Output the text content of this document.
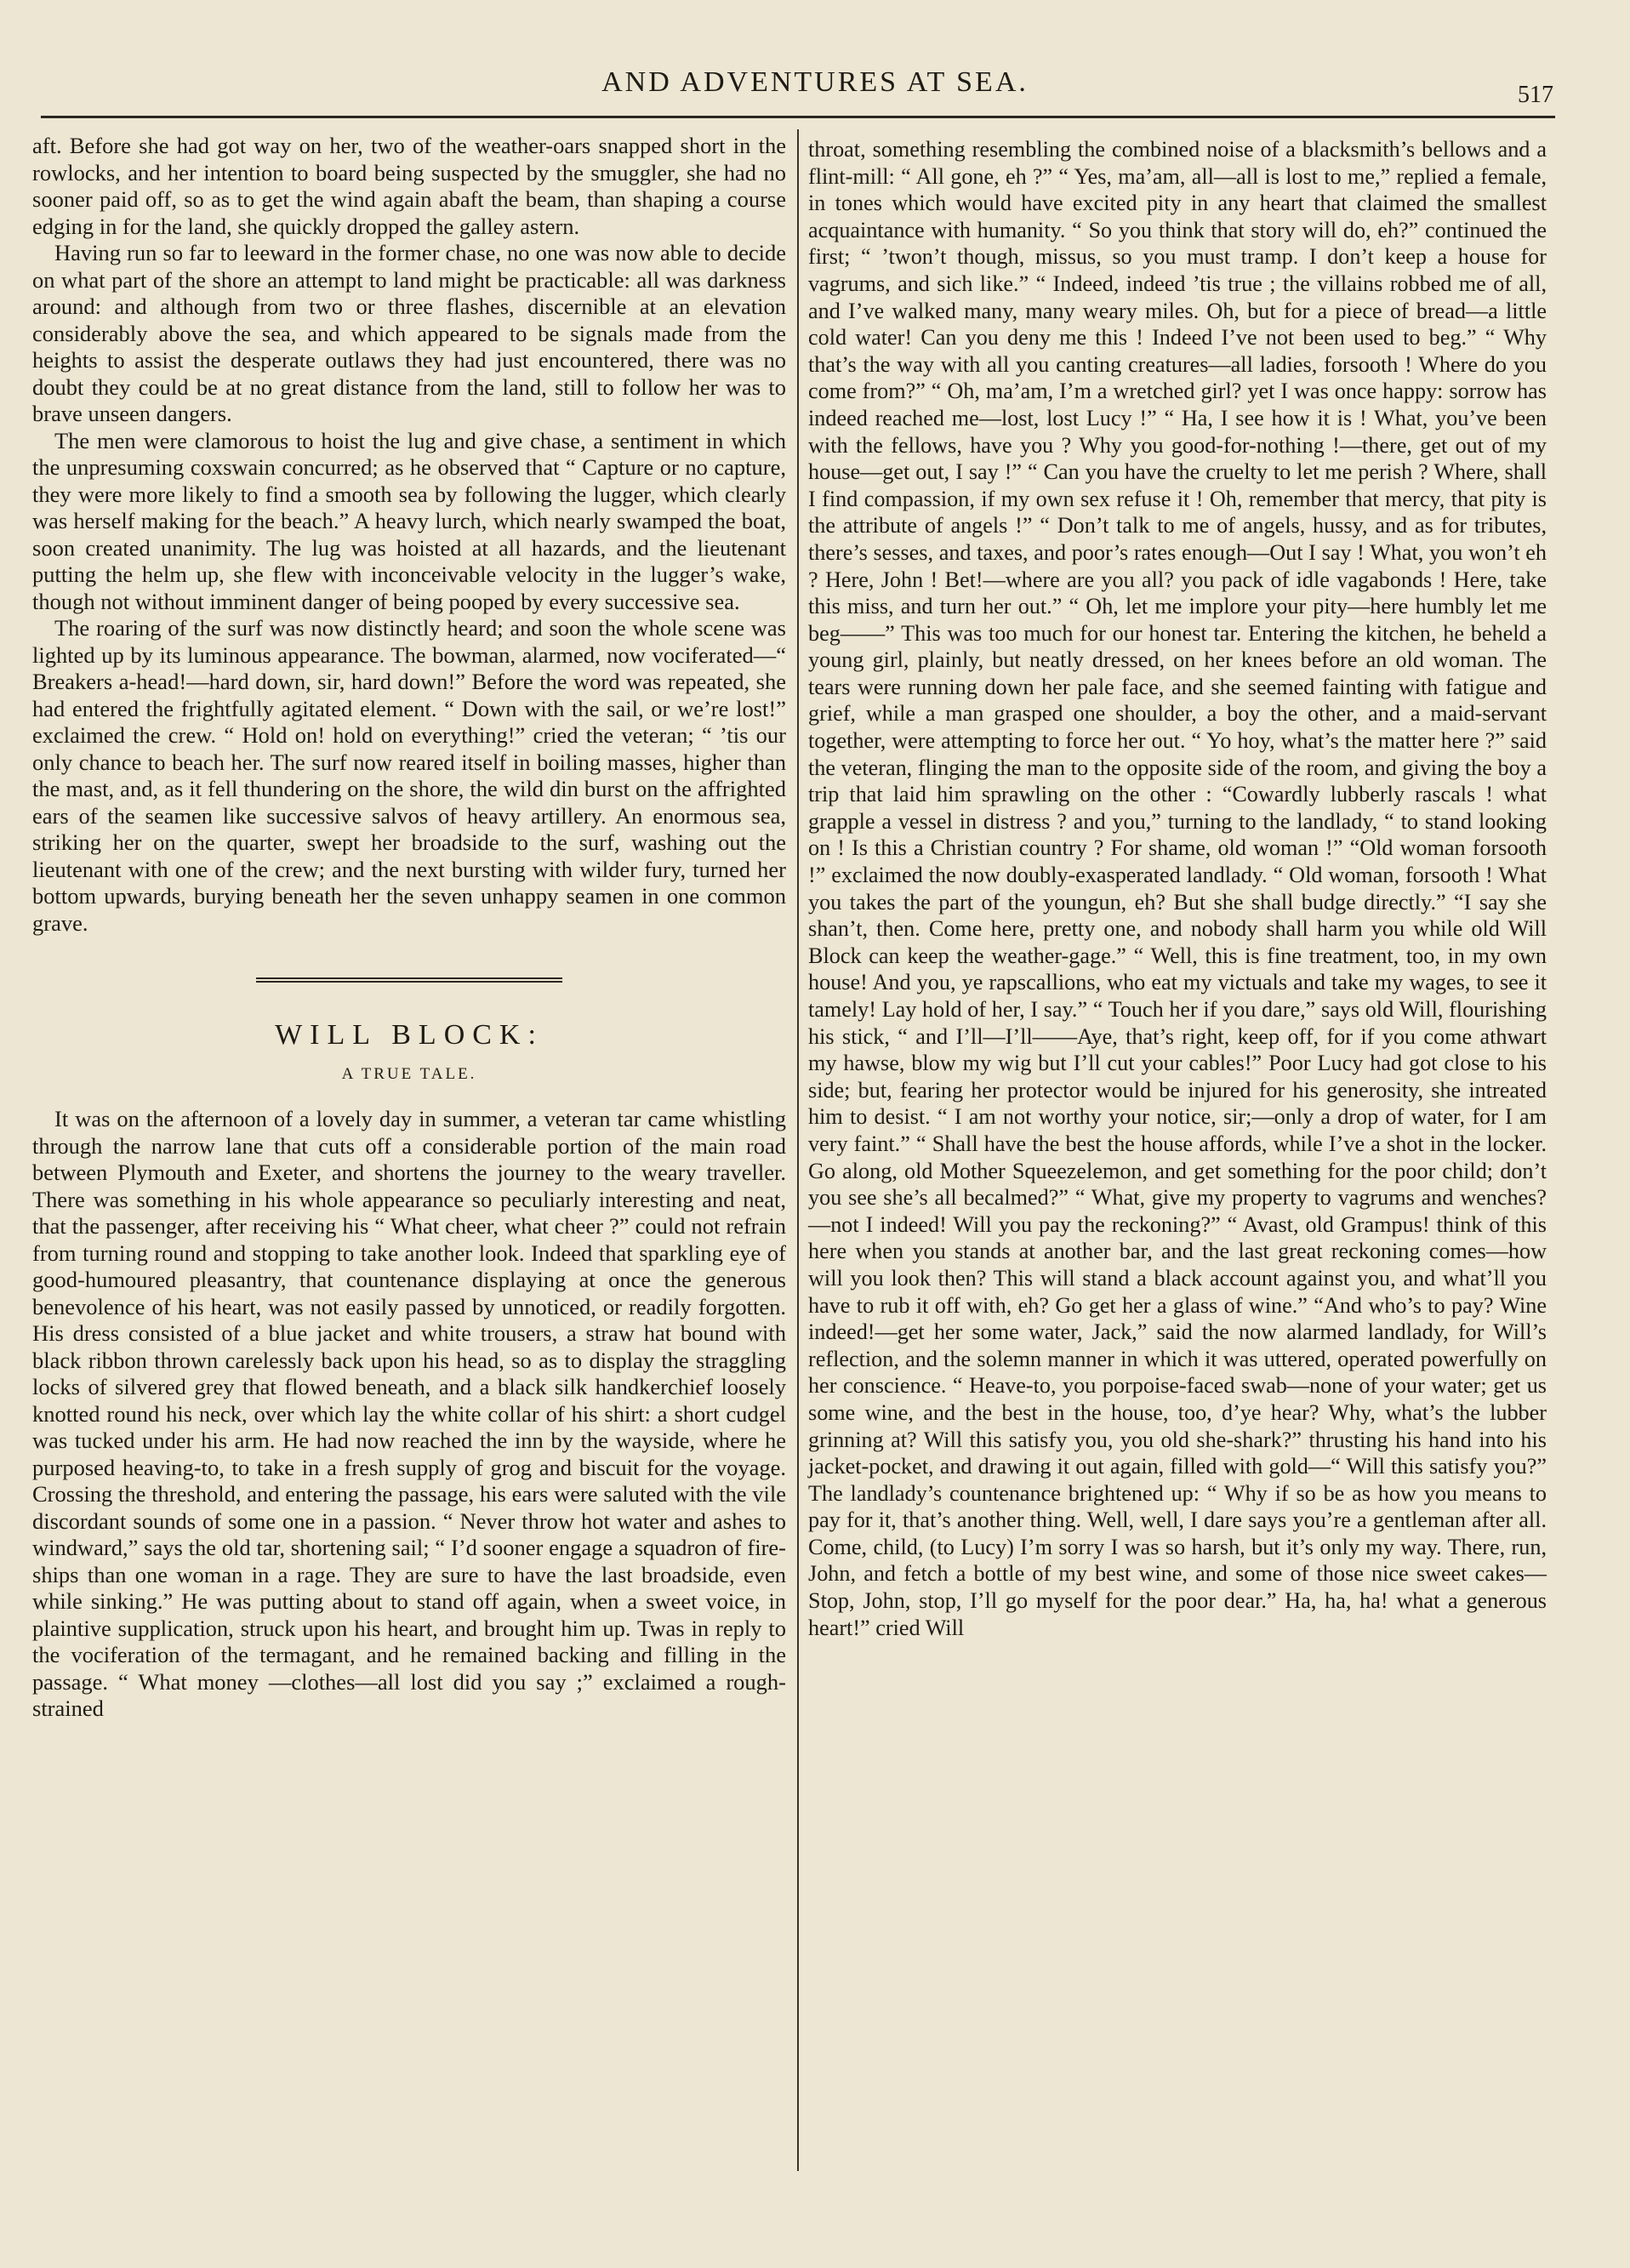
AND ADVENTURES AT SEA.	517

aft. Before she had got way on her, two of the weather-oars snapped short in the rowlocks, and her intention to board being suspected by the smuggler, she had no sooner paid off, so as to get the wind again abaft the beam, than shaping a course edging in for the land, she quickly dropped the galley astern.

Having run so far to leeward in the former chase, no one was now able to decide on what part of the shore an attempt to land might be practicable: all was darkness around: and although from two or three flashes, discernible at an elevation considerably above the sea, and which appeared to be signals made from the heights to assist the desperate outlaws they had just encountered, there was no doubt they could be at no great distance from the land, still to follow her was to brave unseen dangers.

The men were clamorous to hoist the lug and give chase, a sentiment in which the unpresuming coxswain concurred; as he observed that “ Capture or no capture, they were more likely to find a smooth sea by following the lugger, which clearly was herself making for the beach.” A heavy lurch, which nearly swamped the boat, soon created unanimity. The lug was hoisted at all hazards, and the lieutenant putting the helm up, she flew with inconceivable velocity in the lugger’s wake, though not without imminent danger of being pooped by every successive sea.

The roaring of the surf was now distinctly heard; and soon the whole scene was lighted up by its luminous appearance. The bowman, alarmed, now vociferated—“ Breakers a-head!—hard down, sir, hard down!” Before the word was repeated, she had entered the frightfully agitated element. “ Down with the sail, or we’re lost!” exclaimed the crew. “ Hold on! hold on everything!” cried the veteran; “ ’tis our only chance to beach her. The surf now reared itself in boiling masses, higher than the mast, and, as it fell thundering on the shore, the wild din burst on the affrighted ears of the seamen like successive salvos of heavy artillery. An enormous sea, striking her on the quarter, swept her broadside to the surf, washing out the lieutenant with one of the crew; and the next bursting with wilder fury, turned her bottom upwards, burying beneath her the seven unhappy seamen in one common grave.

WILL BLOCK:
A TRUE TALE.

It was on the afternoon of a lovely day in summer, a veteran tar came whistling through the narrow lane that cuts off a considerable portion of the main road between Plymouth and Exeter, and shortens the journey to the weary traveller. There was something in his whole appearance so peculiarly interesting and neat, that the passenger, after receiving his “ What cheer, what cheer ?” could not refrain from turning round and stopping to take another look. Indeed that sparkling eye of good-humoured pleasantry, that countenance displaying at once the generous benevolence of his heart, was not easily passed by unnoticed, or readily forgotten. His dress consisted of a blue jacket and white trousers, a straw hat bound with black ribbon thrown carelessly back upon his head, so as to display the straggling locks of silvered grey that flowed beneath, and a black silk handkerchief loosely knotted round his neck, over which lay the white collar of his shirt: a short cudgel was tucked under his arm. He had now reached the inn by the wayside, where he purposed heaving-to, to take in a fresh supply of grog and biscuit for the voyage. Crossing the threshold, and entering the passage, his ears were saluted with the vile discordant sounds of some one in a passion. “ Never throw hot water and ashes to windward,” says the old tar, shortening sail; “ I’d sooner engage a squadron of fire-ships than one woman in a rage. They are sure to have the last broadside, even while sinking.” He was putting about to stand off again, when a sweet voice, in plaintive supplication, struck upon his heart, and brought him up. Twas in reply to the vociferation of the termagant, and he remained backing and filling in the passage. “ What money —clothes—all lost did you say ;” exclaimed a rough-strained

throat, something resembling the combined noise of a blacksmith’s bellows and a flint-mill: “ All gone, eh ?” “ Yes, ma’am, all—all is lost to me,” replied a female, in tones which would have excited pity in any heart that claimed the smallest acquaintance with humanity. “ So you think that story will do, eh?” continued the first; “ ’twon’t though, missus, so you must tramp. I don’t keep a house for vagrums, and sich like.” “ Indeed, indeed ’tis true ; the villains robbed me of all, and I’ve walked many, many weary miles. Oh, but for a piece of bread—a little cold water! Can you deny me this ! Indeed I’ve not been used to beg.” “ Why that’s the way with all you canting creatures—all ladies, forsooth ! Where do you come from?” “ Oh, ma’am, I’m a wretched girl? yet I was once happy: sorrow has indeed reached me—lost, lost Lucy !” “ Ha, I see how it is ! What, you’ve been with the fellows, have you ? Why you good-for-nothing !—there, get out of my house—get out, I say !” “ Can you have the cruelty to let me perish ? Where, shall I find compassion, if my own sex refuse it ! Oh, remember that mercy, that pity is the attribute of angels !” “ Don’t talk to me of angels, hussy, and as for tributes, there’s sesses, and taxes, and poor’s rates enough—Out I say ! What, you won’t eh ? Here, John ! Bet!—where are you all? you pack of idle vagabonds ! Here, take this miss, and turn her out.” “ Oh, let me implore your pity—here humbly let me beg——” This was too much for our honest tar. Entering the kitchen, he beheld a young girl, plainly, but neatly dressed, on her knees before an old woman. The tears were running down her pale face, and she seemed fainting with fatigue and grief, while a man grasped one shoulder, a boy the other, and a maid-servant together, were attempting to force her out. “ Yo hoy, what’s the matter here ?” said the veteran, flinging the man to the opposite side of the room, and giving the boy a trip that laid him sprawling on the other : “Cowardly lubberly rascals ! what grapple a vessel in distress ? and you,” turning to the landlady, “ to stand looking on ! Is this a Christian country ? For shame, old woman !” “Old woman forsooth !” exclaimed the now doubly-exasperated landlady. “ Old woman, forsooth ! What you takes the part of the youngun, eh? But she shall budge directly.” “I say she shan’t, then. Come here, pretty one, and nobody shall harm you while old Will Block can keep the weather-gage.” “ Well, this is fine treatment, too, in my own house! And you, ye rapscallions, who eat my victuals and take my wages, to see it tamely! Lay hold of her, I say.” “ Touch her if you dare,” says old Will, flourishing his stick, “ and I’ll—I’ll——Aye, that’s right, keep off, for if you come athwart my hawse, blow my wig but I’ll cut your cables!” Poor Lucy had got close to his side; but, fearing her protector would be injured for his generosity, she intreated him to desist. “ I am not worthy your notice, sir;—only a drop of water, for I am very faint.” “ Shall have the best the house affords, while I’ve a shot in the locker. Go along, old Mother Squeezelemon, and get something for the poor child; don’t you see she’s all becalmed?” “ What, give my property to vagrums and wenches?—not I indeed! Will you pay the reckoning?” “ Avast, old Grampus! think of this here when you stands at another bar, and the last great reckoning comes—how will you look then? This will stand a black account against you, and what’ll you have to rub it off with, eh? Go get her a glass of wine.” “And who’s to pay? Wine indeed!—get her some water, Jack,” said the now alarmed landlady, for Will’s reflection, and the solemn manner in which it was uttered, operated powerfully on her conscience. “ Heave-to, you porpoise-faced swab—none of your water; get us some wine, and the best in the house, too, d’ye hear? Why, what’s the lubber grinning at? Will this satisfy you, you old she-shark?” thrusting his hand into his jacket-pocket, and drawing it out again, filled with gold—“ Will this satisfy you?” The landlady’s countenance brightened up: “ Why if so be as how you means to pay for it, that’s another thing. Well, well, I dare says you’re a gentleman after all. Come, child, (to Lucy) I’m sorry I was so harsh, but it’s only my way. There, run, John, and fetch a bottle of my best wine, and some of those nice sweet cakes—Stop, John, stop, I’ll go myself for the poor dear.” Ha, ha, ha! what a generous heart!” cried Will
